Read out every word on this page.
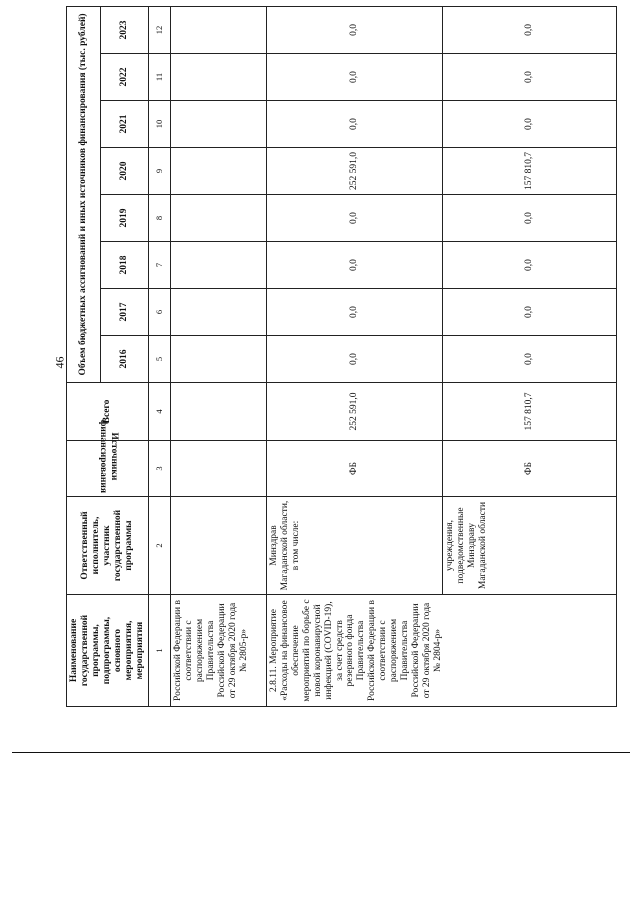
46
Наименование государственной программы, подпрограммы, основного мероприятия, мероприятия	Ответственный исполнитель, участник государственной программы	Источники финансирования	Всего	Объем бюджетных ассигнований и иных источников финансирования (тыс. рублей)							
				2016	2017	2018	2019	2020	2021	2022	2023
1	2	3	4	5	6	7	8	9	10	11	12
Российской Федерации в соответствии с распоряжением Правительства Российской Федерации от 29 октября 2020 года № 2805-р»											
2.8.11. Мероприятие «Расходы на финансовое обеспечение мероприятий по борьбе с новой коронавирусной инфекцией (COVID-19), за счет средств резервного фонда Правительства Российской Федерации в соответствии с распоряжением Правительства Российской Федерации от 29 октября 2020 года № 2804-р»	Минздрав Магаданской области, в том числе:	ФБ	252 591,0	0,0	0,0	0,0	0,0	252 591,0	0,0	0,0	0,0
	учреждения, подведомственные Минздраву Магаданской области	ФБ	157 810,7	0,0	0,0	0,0	0,0	157 810,7	0,0	0,0	0,0
